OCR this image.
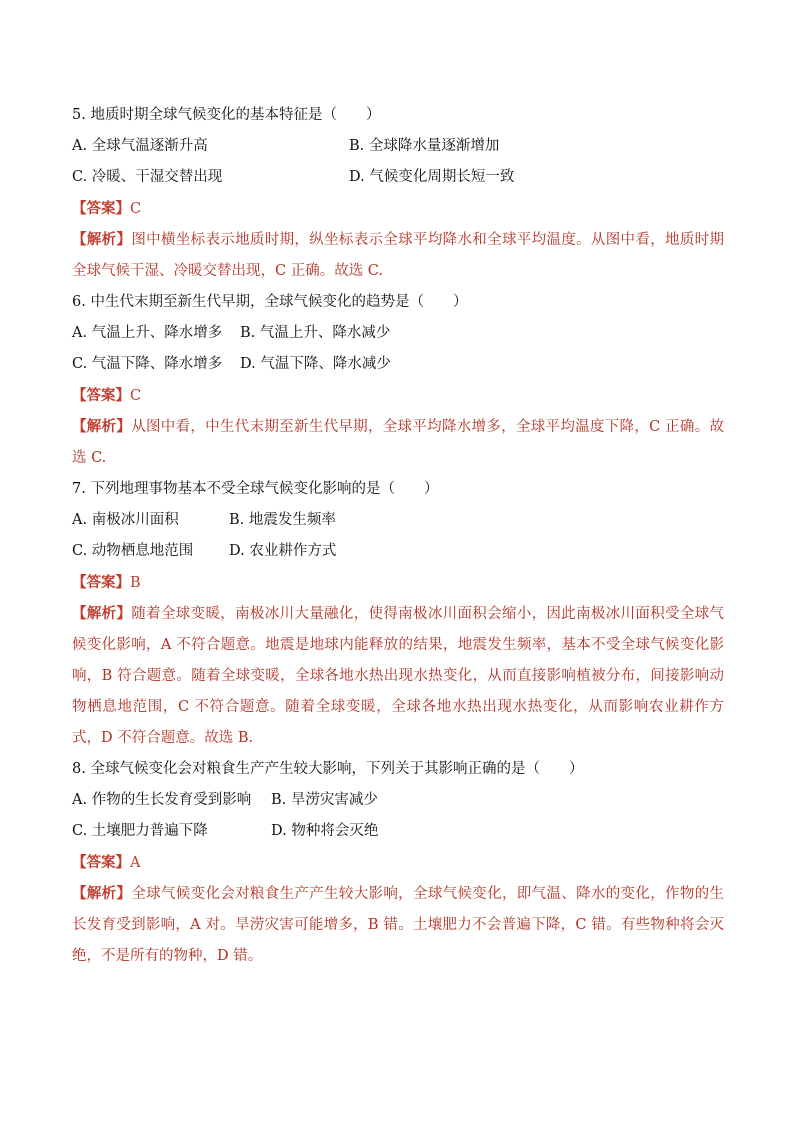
5. 地质时期全球气候变化的基本特征是（　　）
A. 全球气温逐渐升高	B. 全球降水量逐渐增加
C. 冷暖、干湿交替出现	D. 气候变化周期长短一致
【答案】C
【解析】图中横坐标表示地质时期，纵坐标表示全球平均降水和全球平均温度。从图中看，地质时期全球气候干湿、冷暖交替出现，C 正确。故选 C.
6. 中生代末期至新生代早期，全球气候变化的趋势是（　　）
A. 气温上升、降水增多	B. 气温上升、降水减少
C. 气温下降、降水增多	D. 气温下降、降水减少
【答案】C
【解析】从图中看，中生代末期至新生代早期，全球平均降水增多，全球平均温度下降，C 正确。故选 C.
7. 下列地理事物基本不受全球气候变化影响的是（　　）
A. 南极冰川面积	B. 地震发生频率
C. 动物栖息地范围	D. 农业耕作方式
【答案】B
【解析】随着全球变暖，南极冰川大量融化，使得南极冰川面积会缩小，因此南极冰川面积受全球气候变化影响，A 不符合题意。地震是地球内能释放的结果，地震发生频率，基本不受全球气候变化影响，B 符合题意。随着全球变暖，全球各地水热出现水热变化，从而直接影响植被分布，间接影响动物栖息地范围，C 不符合题意。随着全球变暖，全球各地水热出现水热变化，从而影响农业耕作方式，D 不符合题意。故选 B.
8. 全球气候变化会对粮食生产产生较大影响，下列关于其影响正确的是（　　）
A. 作物的生长发育受到影响	B. 旱涝灾害减少
C. 土壤肥力普遍下降	D. 物种将会灭绝
【答案】A
【解析】全球气候变化会对粮食生产产生较大影响，全球气候变化，即气温、降水的变化，作物的生长发育受到影响，A 对。旱涝灾害可能增多，B 错。土壤肥力不会普遍下降，C 错。有些物种将会灭绝，不是所有的物种，D 错。
